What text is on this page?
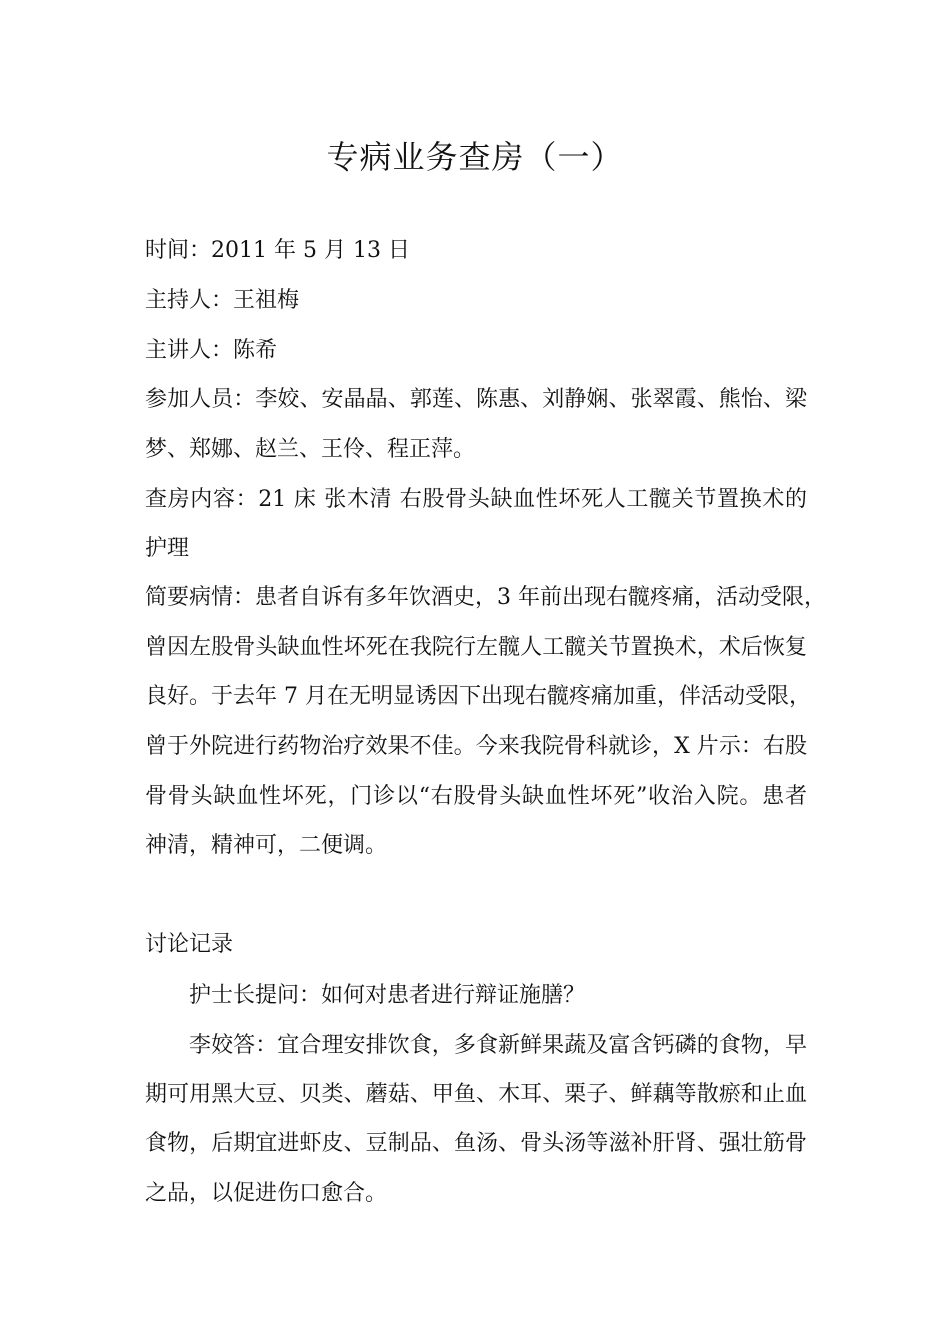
专病业务查房（一）
时间：2011 年 5 月 13 日
主持人：王祖梅
主讲人：陈希
参加人员：李姣、安晶晶、郭莲、陈惠、刘静娴、张翠霞、熊怡、梁
梦、郑娜、赵兰、王伶、程正萍。
查房内容：21 床 张木清 右股骨头缺血性坏死人工髋关节置换术的
护理
简要病情：患者自诉有多年饮酒史，3 年前出现右髋疼痛，活动受限，
曾因左股骨头缺血性坏死在我院行左髋人工髋关节置换术，术后恢复
良好。于去年 7 月在无明显诱因下出现右髋疼痛加重，伴活动受限，
曾于外院进行药物治疗效果不佳。今来我院骨科就诊，X 片示：右股
骨骨头缺血性坏死，门诊以“右股骨头缺血性坏死”收治入院。患者
神清，精神可，二便调。
讨论记录
护士长提问：如何对患者进行辩证施膳？
李姣答：宜合理安排饮食，多食新鲜果蔬及富含钙磷的食物，早
期可用黑大豆、贝类、蘑菇、甲鱼、木耳、栗子、鲜藕等散瘀和止血
食物，后期宜进虾皮、豆制品、鱼汤、骨头汤等滋补肝肾、强壮筋骨
之品，以促进伤口愈合。
